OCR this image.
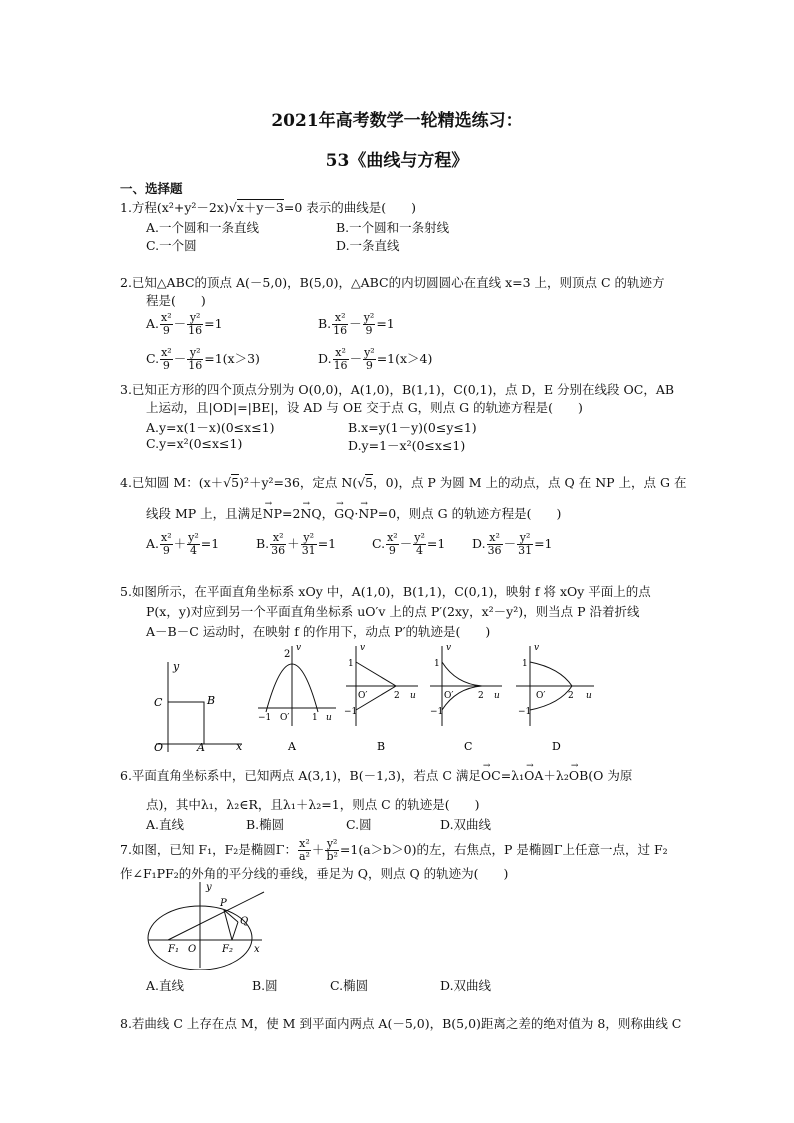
2021年高考数学一轮精选练习：
53《曲线与方程》
一、选择题
1.方程(x²+y²－2x)√x＋y－3=0 表示的曲线是(　　)
A.一个圆和一条直线	B.一个圆和一条射线
C.一个圆	D.一条直线
2.已知△ABC的顶点 A(－5,0)，B(5,0)，△ABC的内切圆圆心在直线 x=3 上，则顶点 C 的轨迹方
程是(　　)
A. $\frac{\text{x²}}{9} - \frac{\text{y²}}{16} =1$	B. $\frac{\text{x²}}{16} - \frac{\text{y²}}{9} =1$
C. $\frac{\text{x²}}{9} - \frac{\text{y²}}{16} =1(x>3)$	D. $\frac{\text{x²}}{16} - \frac{\text{y²}}{9} =1(x>4)$
3.已知正方形的四个顶点分别为 O(0,0)，A(1,0)，B(1,1)，C(0,1)，点 D，E 分别在线段 OC，AB
上运动，且|OD|=|BE|，设 AD 与 OE 交于点 G，则点 G 的轨迹方程是(　　)
A.y=x(1－x)(0≤x≤1)	B.x=y(1－y)(0≤y≤1)
C.y=x²(0≤x≤1)	D.y=1－x²(0≤x≤1)
4.已知圆 M：(x＋√5)²＋y²=36，定点 N(√5，0)，点 P 为圆 M 上的动点，点 Q 在 NP 上，点 G 在
线段 MP 上，且满足→ NP=2→ NQ，→ GQ·→ NP=0，则点 G 的轨迹方程是(　　)
A. $\frac{\text{x²}}{9} + \frac{\text{y²}}{4} =1$	B. $\frac{\text{x²}}{36} + \frac{\text{y²}}{31} =1$	C. $\frac{\text{x²}}{9} - \frac{\text{y²}}{4} =1$ D. $\frac{\text{x²}}{36} - \frac{\text{y²}}{31} =1$
5.如图所示，在平面直角坐标系 xOy 中，A(1,0)，B(1,1)，C(0,1)，映射 f 将 xOy 平面上的点
P(x，y)对应到另一个平面直角坐标系 uO′v 上的点 P′(2xy，x²－y²)，则当点 P 沿着折线
A－B－C 运动时，在映射 f 的作用下，动点 P′的轨迹是(　　)
y
x
C	B
O	A
2
v
−1 O′	1 u
A
1
v
O′	2 u
−1
B
1
v
O′	2 u
−1
C
1
v
O′	2 u
−1
D
6.平面直角坐标系中，已知两点 A(3,1)，B(－1,3)，若点 C 满足→ OC=λ₁→ OA＋λ₂→ OB(O 为原
点)，其中λ₁，λ₂∈R，且λ₁＋λ₂=1，则点 C 的轨迹是(　　)
A.直线	B.椭圆	C.圆	D.双曲线
7.如图，已知 F₁，F₂是椭圆Γ： $\frac{\text{x²}}{\text{a²}} + \frac{\text{y²}}{\text{b²}} =1(a>b>0)$的左，右焦点，P 是椭圆Γ上任意一点，过 F₂
作∠F₁PF₂的外角的平分线的垂线，垂足为 Q，则点 Q 的轨迹为(　　)
y
x
P
Q
F₁ O	F₂
A.直线	B.圆	C.椭圆	D.双曲线
8.若曲线 C 上存在点 M，使 M 到平面内两点 A(－5,0)，B(5,0)距离之差的绝对值为 8，则称曲线 C
